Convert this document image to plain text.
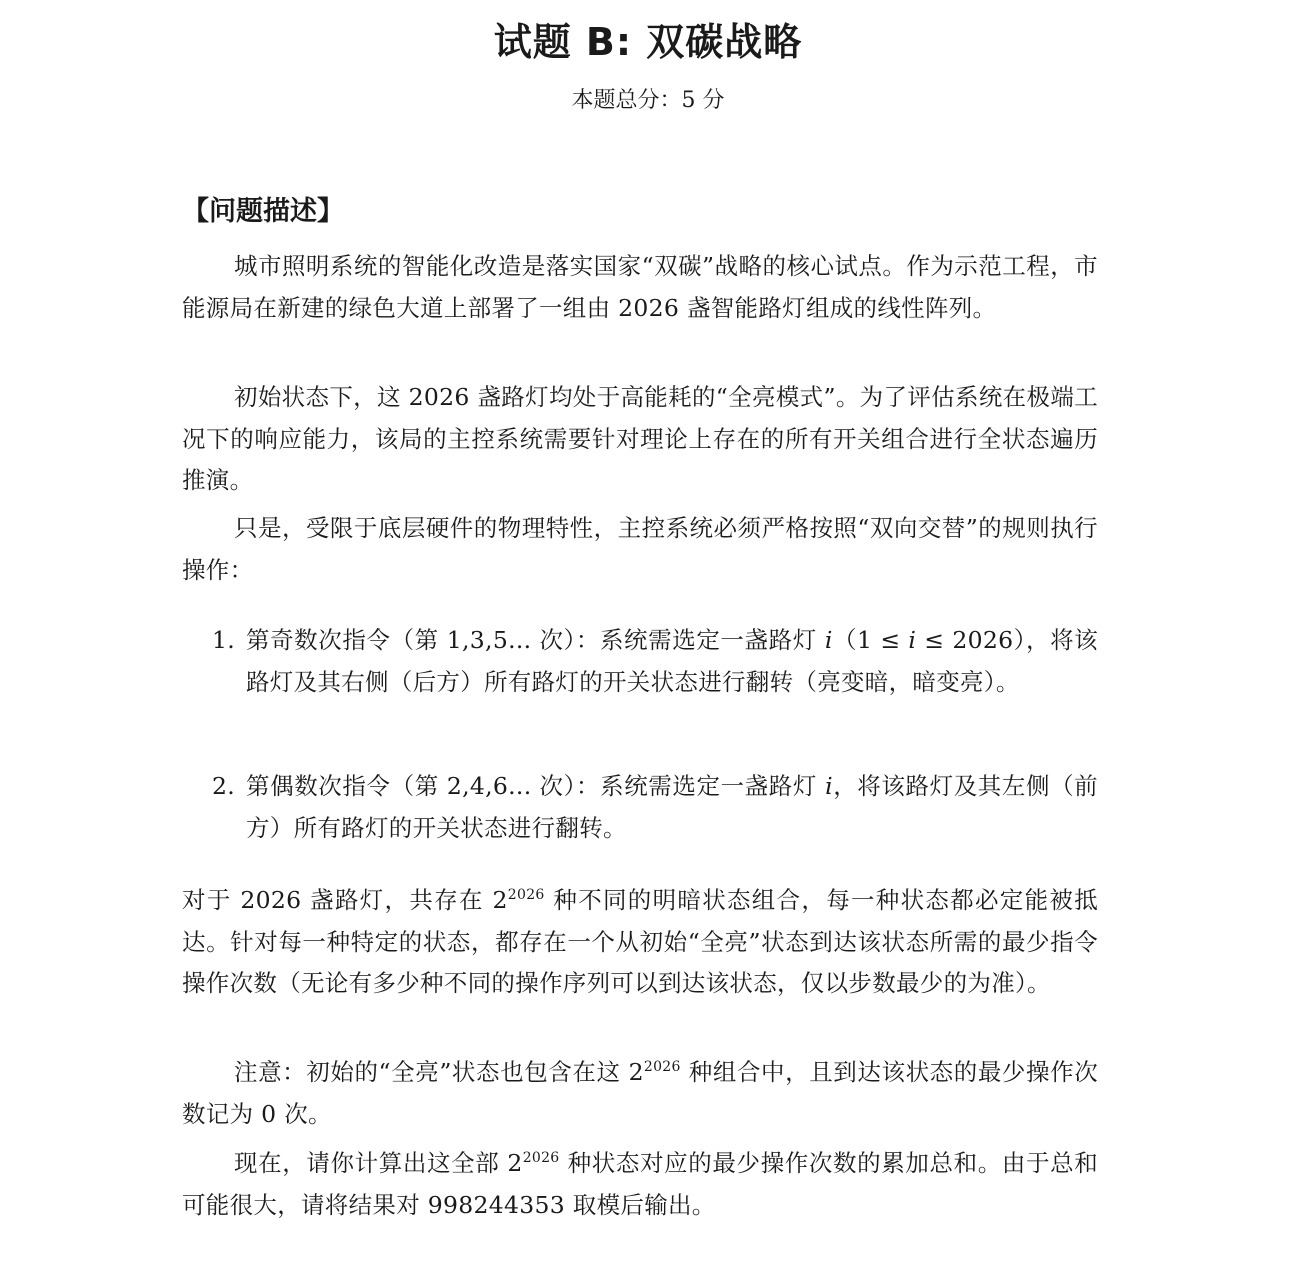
试题 B: 双碳战略
本题总分：5 分
【问题描述】
城市照明系统的智能化改造是落实国家“双碳”战略的核心试点。作为示范工程，市能源局在新建的绿色大道上部署了一组由 2026 盏智能路灯组成的线性阵列。
初始状态下，这 2026 盏路灯均处于高能耗的“全亮模式”。为了评估系统在极端工况下的响应能力，该局的主控系统需要针对理论上存在的所有开关组合进行全状态遍历推演。
只是，受限于底层硬件的物理特性，主控系统必须严格按照“双向交替”的规则执行操作：
1. 第奇数次指令（第 1,3,5... 次）：系统需选定一盏路灯 i（1 ≤ i ≤ 2026），将该路灯及其右侧（后方）所有路灯的开关状态进行翻转（亮变暗，暗变亮）。
2. 第偶数次指令（第 2,4,6... 次）：系统需选定一盏路灯 i，将该路灯及其左侧（前方）所有路灯的开关状态进行翻转。
对于 2026 盏路灯，共存在 $2^{2026}$ 种不同的明暗状态组合，每一种状态都必定能被抵达。针对每一种特定的状态，都存在一个从初始“全亮”状态到达该状态所需的最少指令操作次数（无论有多少种不同的操作序列可以到达该状态，仅以步数最少的为准）。
注意：初始的“全亮”状态也包含在这 $2^{2026}$ 种组合中，且到达该状态的最少操作次数记为 0 次。
现在，请你计算出这全部 $2^{2026}$ 种状态对应的最少操作次数的累加总和。由于总和可能很大，请将结果对 998244353 取模后输出。
